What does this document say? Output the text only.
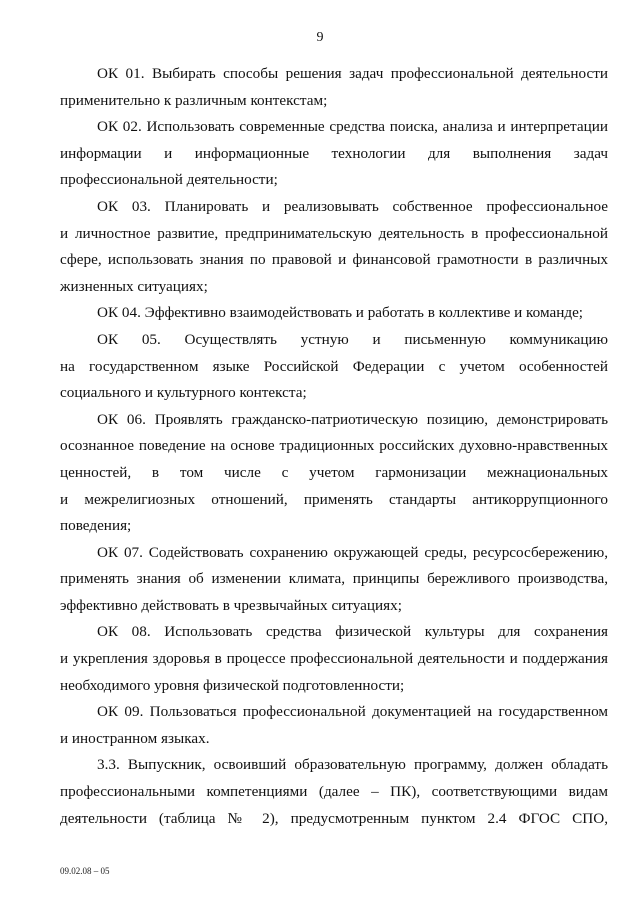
9

ОК 01. Выбирать способы решения задач профессиональной деятельности
применительно к различным контекстам;

ОК 02. Использовать современные средства поиска, анализа и интерпретации
информации и информационные технологии для выполнения задач
профессиональной деятельности;

ОК 03. Планировать и реализовывать собственное профессиональное
и личностное развитие, предпринимательскую деятельность в профессиональной
сфере, использовать знания по правовой и финансовой грамотности в различных
жизненных ситуациях;

ОК 04. Эффективно взаимодействовать и работать в коллективе и команде;

ОК 05. Осуществлять устную и письменную коммуникацию
на государственном языке Российской Федерации с учетом особенностей
социального и культурного контекста;

ОК 06. Проявлять гражданско-патриотическую позицию, демонстрировать
осознанное поведение на основе традиционных российских духовно-нравственных
ценностей, в том числе с учетом гармонизации межнациональных
и межрелигиозных отношений, применять стандарты антикоррупционного
поведения;

ОК 07. Содействовать сохранению окружающей среды, ресурсосбережению,
применять знания об изменении климата, принципы бережливого производства,
эффективно действовать в чрезвычайных ситуациях;

ОК 08. Использовать средства физической культуры для сохранения
и укрепления здоровья в процессе профессиональной деятельности и поддержания
необходимого уровня физической подготовленности;

ОК 09. Пользоваться профессиональной документацией на государственном
и иностранном языках.

3.3. Выпускник, освоивший образовательную программу, должен обладать
профессиональными компетенциями (далее – ПК), соответствующими видам
деятельности (таблица № 2), предусмотренным пунктом 2.4 ФГОС СПО,

09.02.08 – 05
